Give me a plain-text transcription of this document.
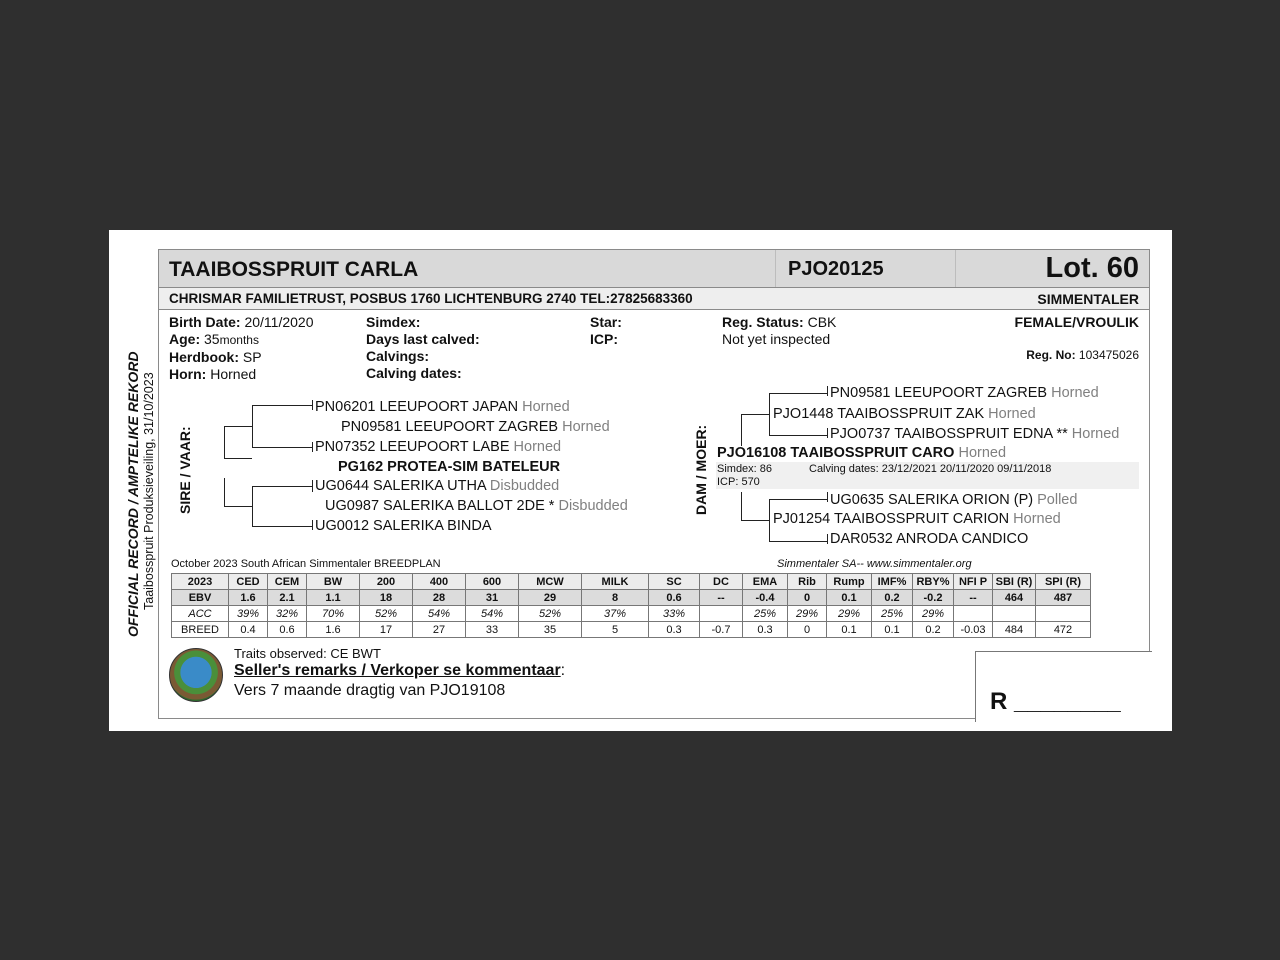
OFFICIAL RECORD / AMPTELIKE REKORD Taaibosspruit Produksieveiling, 31/10/2023
TAAIBOSSPRUIT CARLA	PJO20125	Lot. 60
CHRISMAR FAMILIETRUST, POSBUS 1760 LICHTENBURG 2740 TEL:27825683360	SIMMENTALER
Birth Date: 20/11/2020
Age: 35months
Herdbook: SP
Horn: Horned
Simdex:
Days last calved:
Calvings:
Calving dates:
Star:
ICP:
Reg. Status: CBK
Not yet inspected
FEMALE/VROULIK
Reg. No: 103475026
SIRE / VAAR:	DAM / MOER:
PN06201 LEEUPOORT JAPAN Horned
PN09581 LEEUPOORT ZAGREB Horned
PN07352 LEEUPOORT LABE Horned
PG162 PROTEA-SIM BATELEUR
UG0644 SALERIKA UTHA Disbudded
UG0987 SALERIKA BALLOT 2DE * Disbudded
UG0012 SALERIKA BINDA
PN09581 LEEUPOORT ZAGREB Horned
PJO1448 TAAIBOSSPRUIT ZAK Horned
PJO0737 TAAIBOSSPRUIT EDNA ** Horned
PJO16108 TAAIBOSSPRUIT CARO Horned
Simdex: 86
ICP: 570
Calving dates: 23/12/2021 20/11/2020 09/11/2018
UG0635 SALERIKA ORION (P) Polled
PJ01254 TAAIBOSSPRUIT CARION Horned
DAR0532 ANRODA CANDICO
October 2023 South African Simmentaler BREEDPLAN	Simmentaler SA-- www.simmentaler.org
2023	CED	CEM	BW	200	400	600	MCW	MILK	SC	DC	EMA	Rib	Rump	IMF%	RBY%	NFI P	SBI (R)	SPI (R)
EBV	1.6	2.1	1.1	18	28	31	29	8	0.6	--	-0.4	0	0.1	0.2	-0.2	--	464	487
ACC	39%	32%	70%	52%	54%	54%	52%	37%	33%		25%	29%	29%	25%	29%			
BREED	0.4	0.6	1.6	17	27	33	35	5	0.3	-0.7	0.3	0	0.1	0.1	0.2	-0.03	484	472
Traits observed: CE BWT
Seller's remarks / Verkoper se kommentaar:
Vers 7 maande dragtig van PJO19108	R ________
